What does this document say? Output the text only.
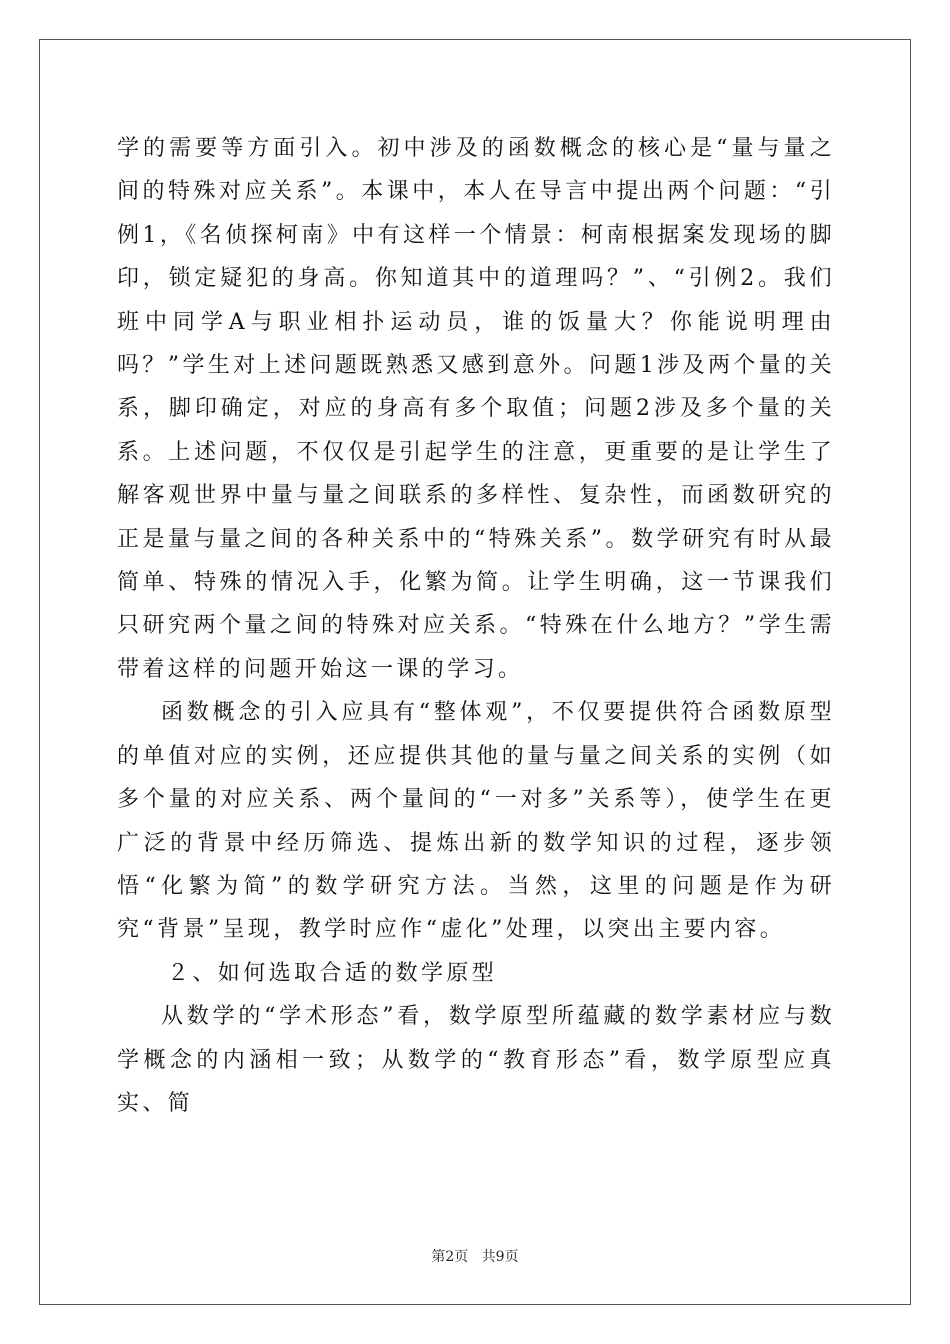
学的需要等方面引入。初中涉及的函数概念的核心是“量与量之间的特殊对应关系”。本课中，本人在导言中提出两个问题：“引例1，《名侦探柯南》中有这样一个情景：柯南根据案发现场的脚印，锁定疑犯的身高。你知道其中的道理吗？”、“引例2。我们班中同学A与职业相扑运动员，谁的饭量大？你能说明理由吗？”学生对上述问题既熟悉又感到意外。问题1涉及两个量的关系，脚印确定，对应的身高有多个取值；问题2涉及多个量的关系。上述问题，不仅仅是引起学生的注意，更重要的是让学生了解客观世界中量与量之间联系的多样性、复杂性，而函数研究的正是量与量之间的各种关系中的“特殊关系”。数学研究有时从最简单、特殊的情况入手，化繁为简。让学生明确，这一节课我们只研究两个量之间的特殊对应关系。“特殊在什么地方？”学生需带着这样的问题开始这一课的学习。

函数概念的引入应具有“整体观”，不仅要提供符合函数原型的单值对应的实例，还应提供其他的量与量之间关系的实例（如多个量的对应关系、两个量间的“一对多”关系等），使学生在更广泛的背景中经历筛选、提炼出新的数学知识的过程，逐步领悟“化繁为简”的数学研究方法。当然，这里的问题是作为研究“背景”呈现，教学时应作“虚化”处理，以突出主要内容。

２、如何选取合适的数学原型

从数学的“学术形态”看，数学原型所蕴藏的数学素材应与数学概念的内涵相一致；从数学的“教育形态”看，数学原型应真实、简

第2页 共9页
